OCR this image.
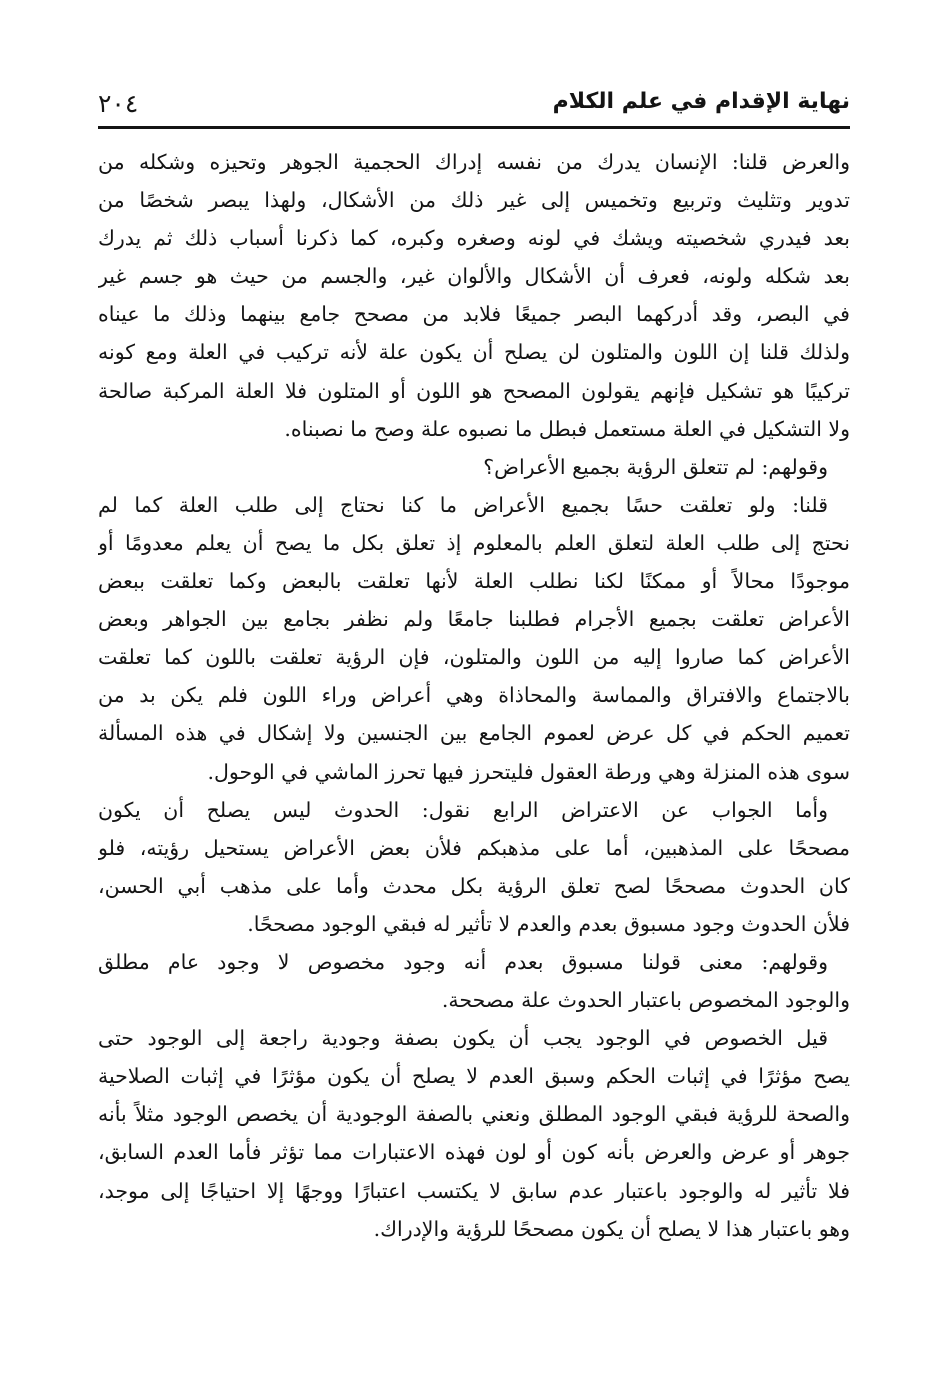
نهاية الإقدام في علم الكلام
٢٠٤
والعرض قلنا: الإنسان يدرك من نفسه إدراك الحجمية الجوهر وتحيزه وشكله من
تدوير وتثليث وتربيع وتخميس إلى غير ذلك من الأشكال، ولهذا يبصر شخصًا من
بعد فيدري شخصيته ويشك في لونه وصغره وكبره، كما ذكرنا أسباب ذلك ثم يدرك
بعد شكله ولونه، فعرف أن الأشكال والألوان غير، والجسم من حيث هو جسم غير
في البصر، وقد أدركهما البصر جميعًا فلابد من مصحح جامع بينهما وذلك ما عيناه
ولذلك قلنا إن اللون والمتلون لن يصلح أن يكون علة لأنه تركيب في العلة ومع كونه
تركيبًا هو تشكيل فإنهم يقولون المصحح هو اللون أو المتلون فلا العلة المركبة صالحة
ولا التشكيل في العلة مستعمل فبطل ما نصبوه علة وصح ما نصبناه.
وقولهم: لم تتعلق الرؤية بجميع الأعراض؟
قلنا: ولو تعلقت حسًا بجميع الأعراض ما كنا نحتاج إلى طلب العلة كما لم
نحتج إلى طلب العلة لتعلق العلم بالمعلوم إذ تعلق بكل ما يصح أن يعلم معدومًا أو
موجودًا محالاً أو ممكنًا لكنا نطلب العلة لأنها تعلقت بالبعض وكما تعلقت ببعض
الأعراض تعلقت بجميع الأجرام فطلبنا جامعًا ولم نظفر بجامع بين الجواهر وبعض
الأعراض كما صاروا إليه من اللون والمتلون، فإن الرؤية تعلقت باللون كما تعلقت
بالاجتماع والافتراق والمماسة والمحاذاة وهي أعراض وراء اللون فلم يكن بد من
تعميم الحكم في كل عرض لعموم الجامع بين الجنسين ولا إشكال في هذه المسألة
سوى هذه المنزلة وهي ورطة العقول فليتحرز فيها تحرز الماشي في الوحول.
وأما الجواب عن الاعتراض الرابع نقول: الحدوث ليس يصلح أن يكون
مصححًا على المذهبين، أما على مذهبكم فلأن بعض الأعراض يستحيل رؤيته، فلو
كان الحدوث مصححًا لصح تعلق الرؤية بكل محدث وأما على مذهب أبي الحسن،
فلأن الحدوث وجود مسبوق بعدم والعدم لا تأثير له فبقي الوجود مصححًا.
وقولهم: معنى قولنا مسبوق بعدم أنه وجود مخصوص لا وجود عام مطلق
والوجود المخصوص باعتبار الحدوث علة مصححة.
قيل الخصوص في الوجود يجب أن يكون بصفة وجودية راجعة إلى الوجود حتى
يصح مؤثرًا في إثبات الحكم وسبق العدم لا يصلح أن يكون مؤثرًا في إثبات الصلاحية
والصحة للرؤية فبقي الوجود المطلق ونعني بالصفة الوجودية أن يخصص الوجود مثلاً بأنه
جوهر أو عرض والعرض بأنه كون أو لون فهذه الاعتبارات مما تؤثر فأما العدم السابق،
فلا تأثير له والوجود باعتبار عدم سابق لا يكتسب اعتبارًا ووجهًا إلا احتياجًا إلى موجد،
وهو باعتبار هذا لا يصلح أن يكون مصححًا للرؤية والإدراك.
